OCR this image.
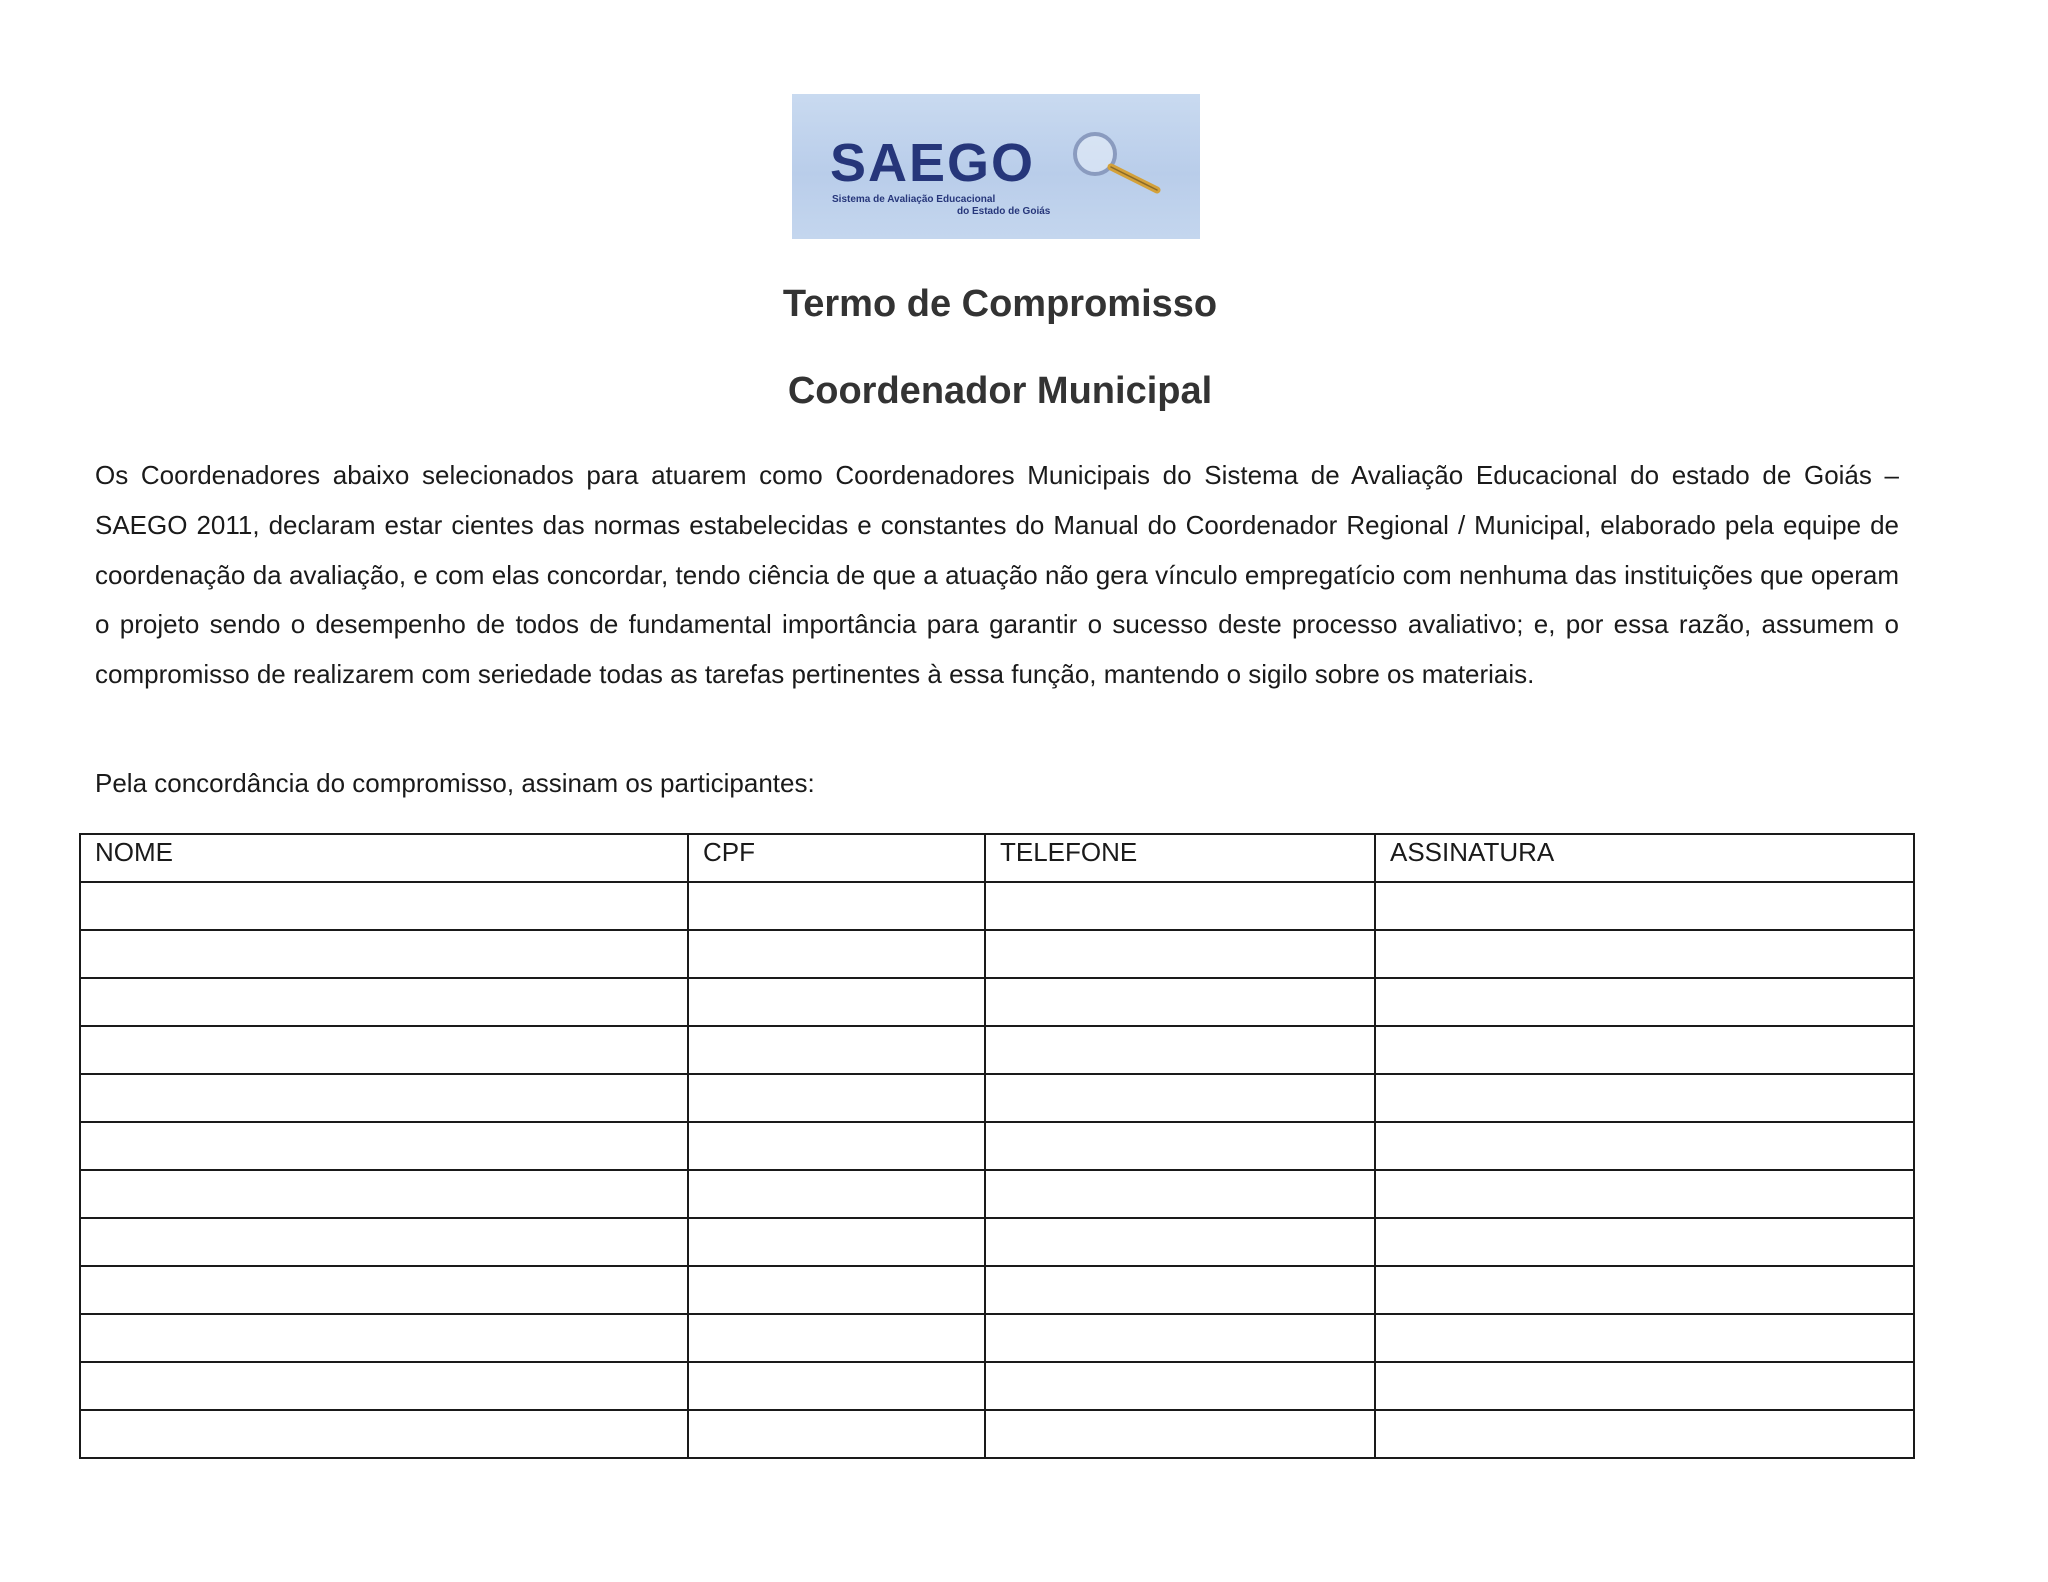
SAEGO
Sistema de Avaliação Educacional
do Estado de Goiás
Termo de Compromisso
Coordenador Municipal

Os Coordenadores abaixo selecionados para atuarem como Coordenadores Municipais do Sistema de Avaliação Educacional do estado de Goiás – SAEGO 2011, declaram estar cientes das normas estabelecidas e constantes do Manual do Coordenador Regional / Municipal, elaborado pela equipe de coordenação da avaliação, e com elas concordar, tendo ciência de que a atuação não gera vínculo empregatício com nenhuma das instituições que operam o projeto sendo o desempenho de todos de fundamental importância para garantir o sucesso deste processo avaliativo; e, por essa razão, assumem o compromisso de realizarem com seriedade todas as tarefas pertinentes à essa função, mantendo o sigilo sobre os materiais.

Pela concordância do compromisso, assinam os participantes:

NOME	CPF	TELEFONE	ASSINATURA
